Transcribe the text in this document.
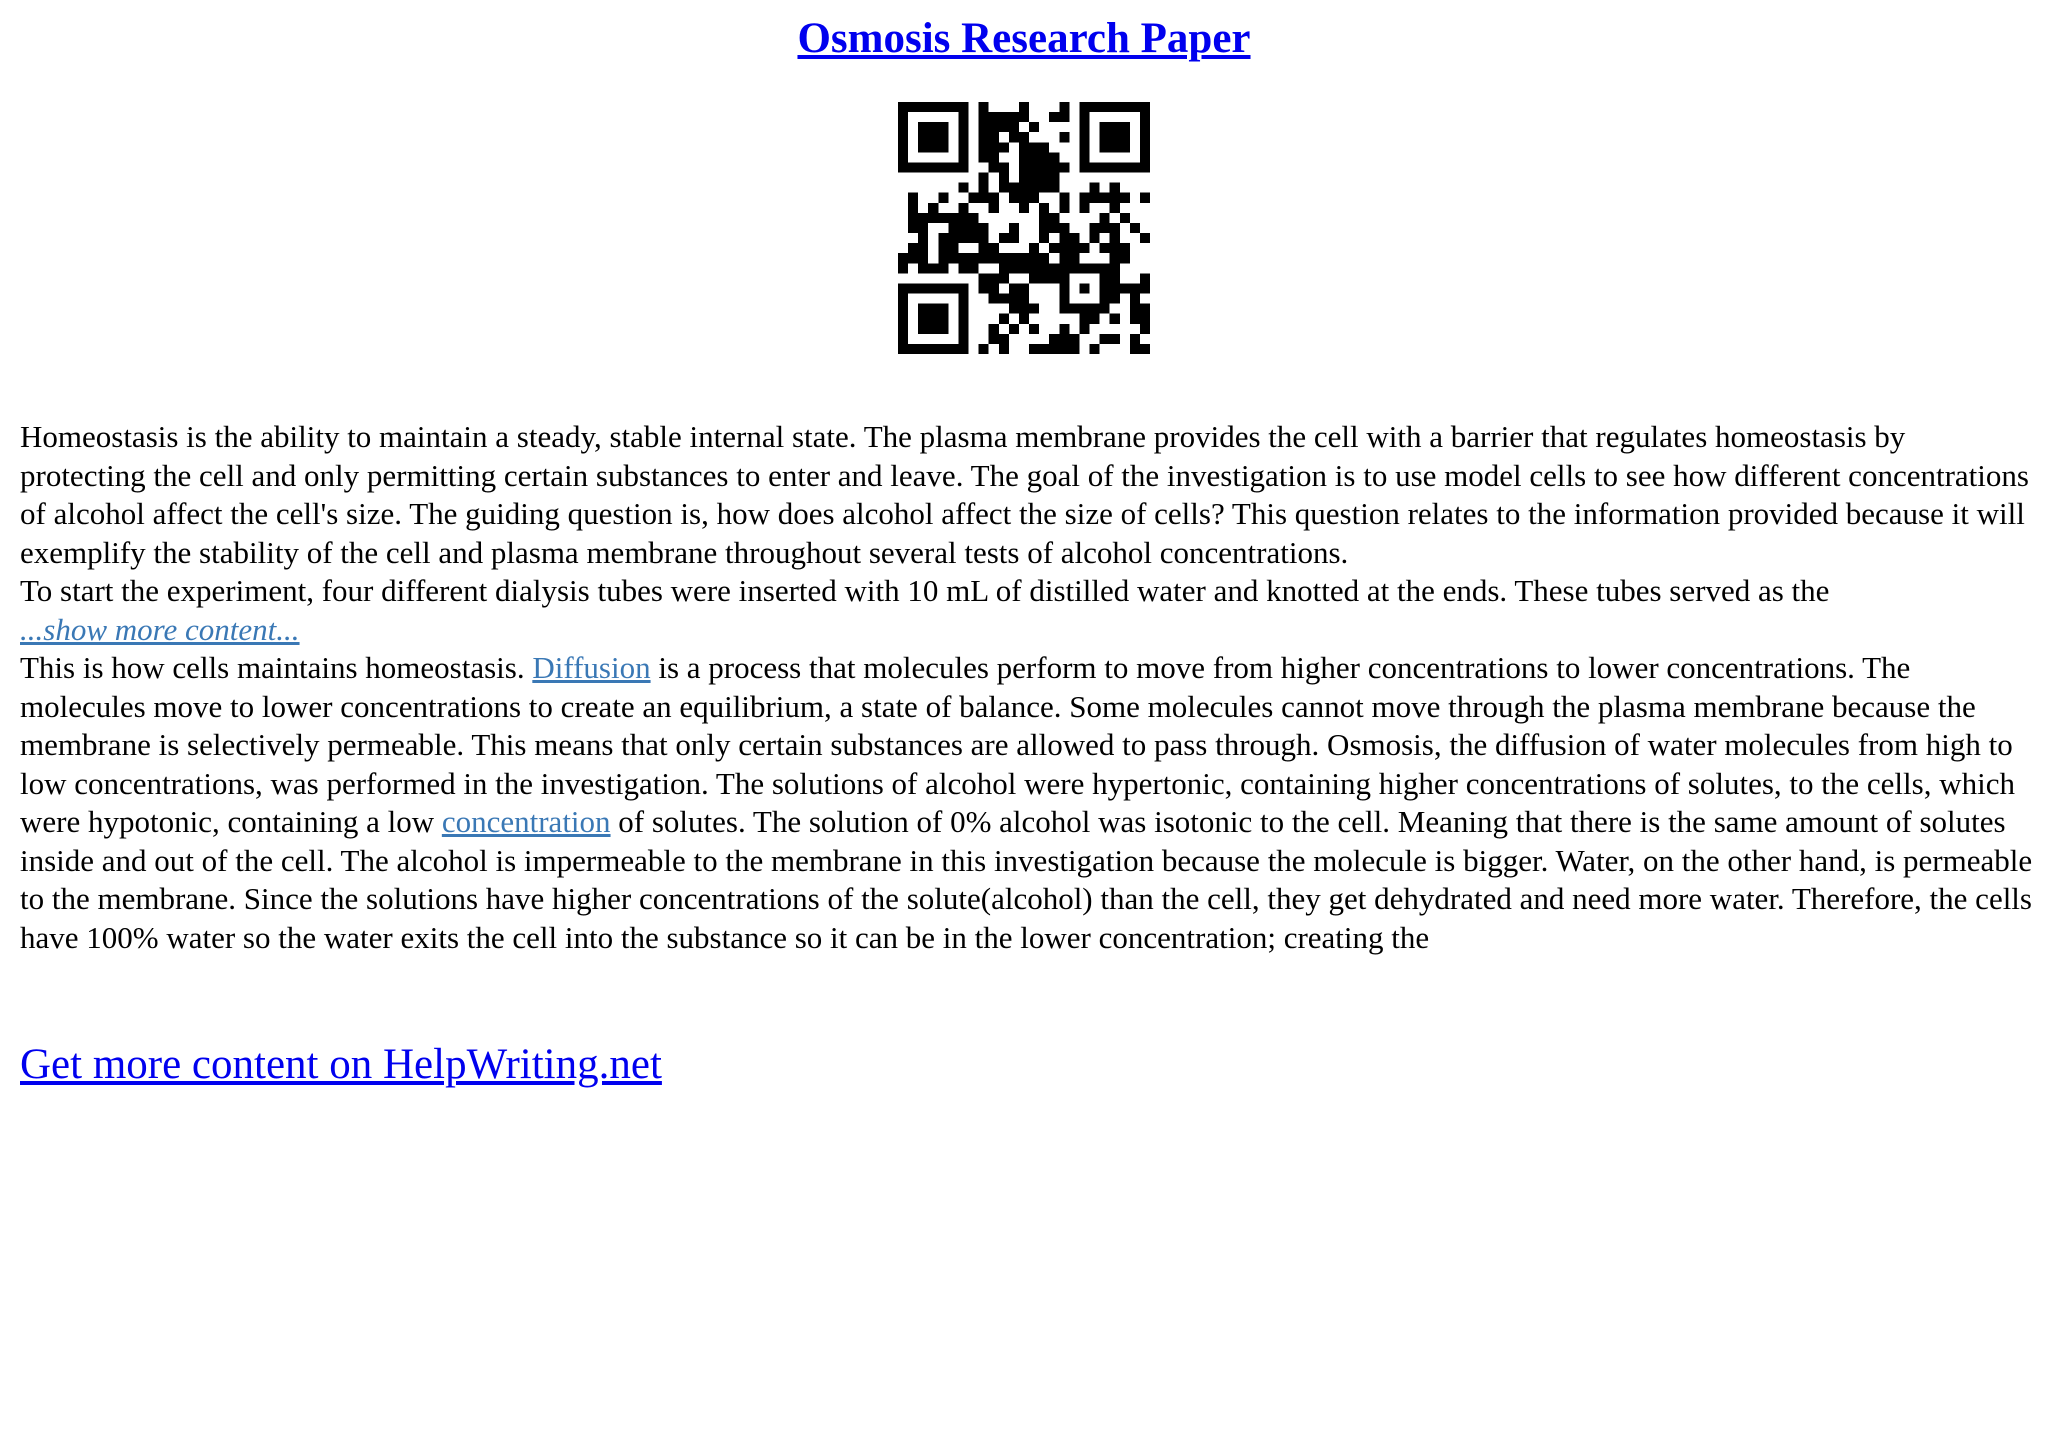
Osmosis Research Paper

Homeostasis is the ability to maintain a steady, stable internal state. The plasma membrane provides the cell with a barrier that regulates homeostasis by protecting the cell and only permitting certain substances to enter and leave. The goal of the investigation is to use model cells to see how different concentrations of alcohol affect the cell's size. The guiding question is, how does alcohol affect the size of cells? This question relates to the information provided because it will exemplify the stability of the cell and plasma membrane throughout several tests of alcohol concentrations.

To start the experiment, four different dialysis tubes were inserted with 10 mL of distilled water and knotted at the ends. These tubes served as the

...show more content...

This is how cells maintains homeostasis. Diffusion is a process that molecules perform to move from higher concentrations to lower concentrations. The molecules move to lower concentrations to create an equilibrium, a state of balance. Some molecules cannot move through the plasma membrane because the membrane is selectively permeable. This means that only certain substances are allowed to pass through. Osmosis, the diffusion of water molecules from high to low concentrations, was performed in the investigation. The solutions of alcohol were hypertonic, containing higher concentrations of solutes, to the cells, which were hypotonic, containing a low concentration of solutes. The solution of 0% alcohol was isotonic to the cell. Meaning that there is the same amount of solutes inside and out of the cell. The alcohol is impermeable to the membrane in this investigation because the molecule is bigger. Water, on the other hand, is permeable to the membrane. Since the solutions have higher concentrations of the solute(alcohol) than the cell, they get dehydrated and need more water. Therefore, the cells have 100% water so the water exits the cell into the substance so it can be in the lower concentration; creating the

Get more content on HelpWriting.net
